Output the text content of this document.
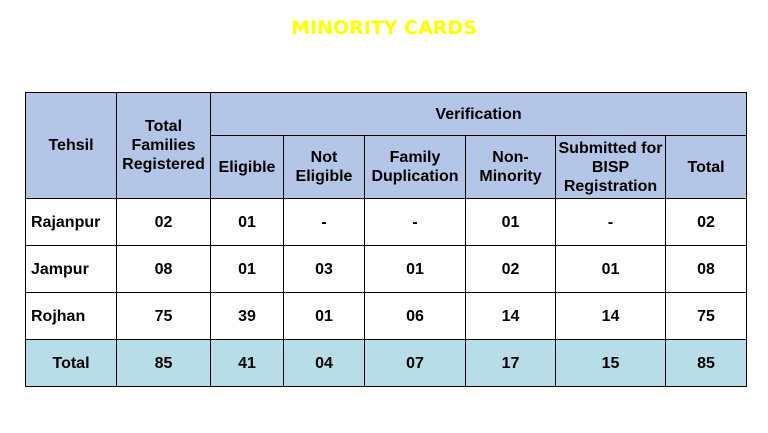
MINORITY CARDS
Tehsil	Total Families Registered	Verification					
		Eligible	Not Eligible	Family Duplication	Non-Minority	Submitted for BISP Registration	Total
Rajanpur	02	01	-	-	01	-	02
Jampur	08	01	03	01	02	01	08
Rojhan	75	39	01	06	14	14	75
Total	85	41	04	07	17	15	85
